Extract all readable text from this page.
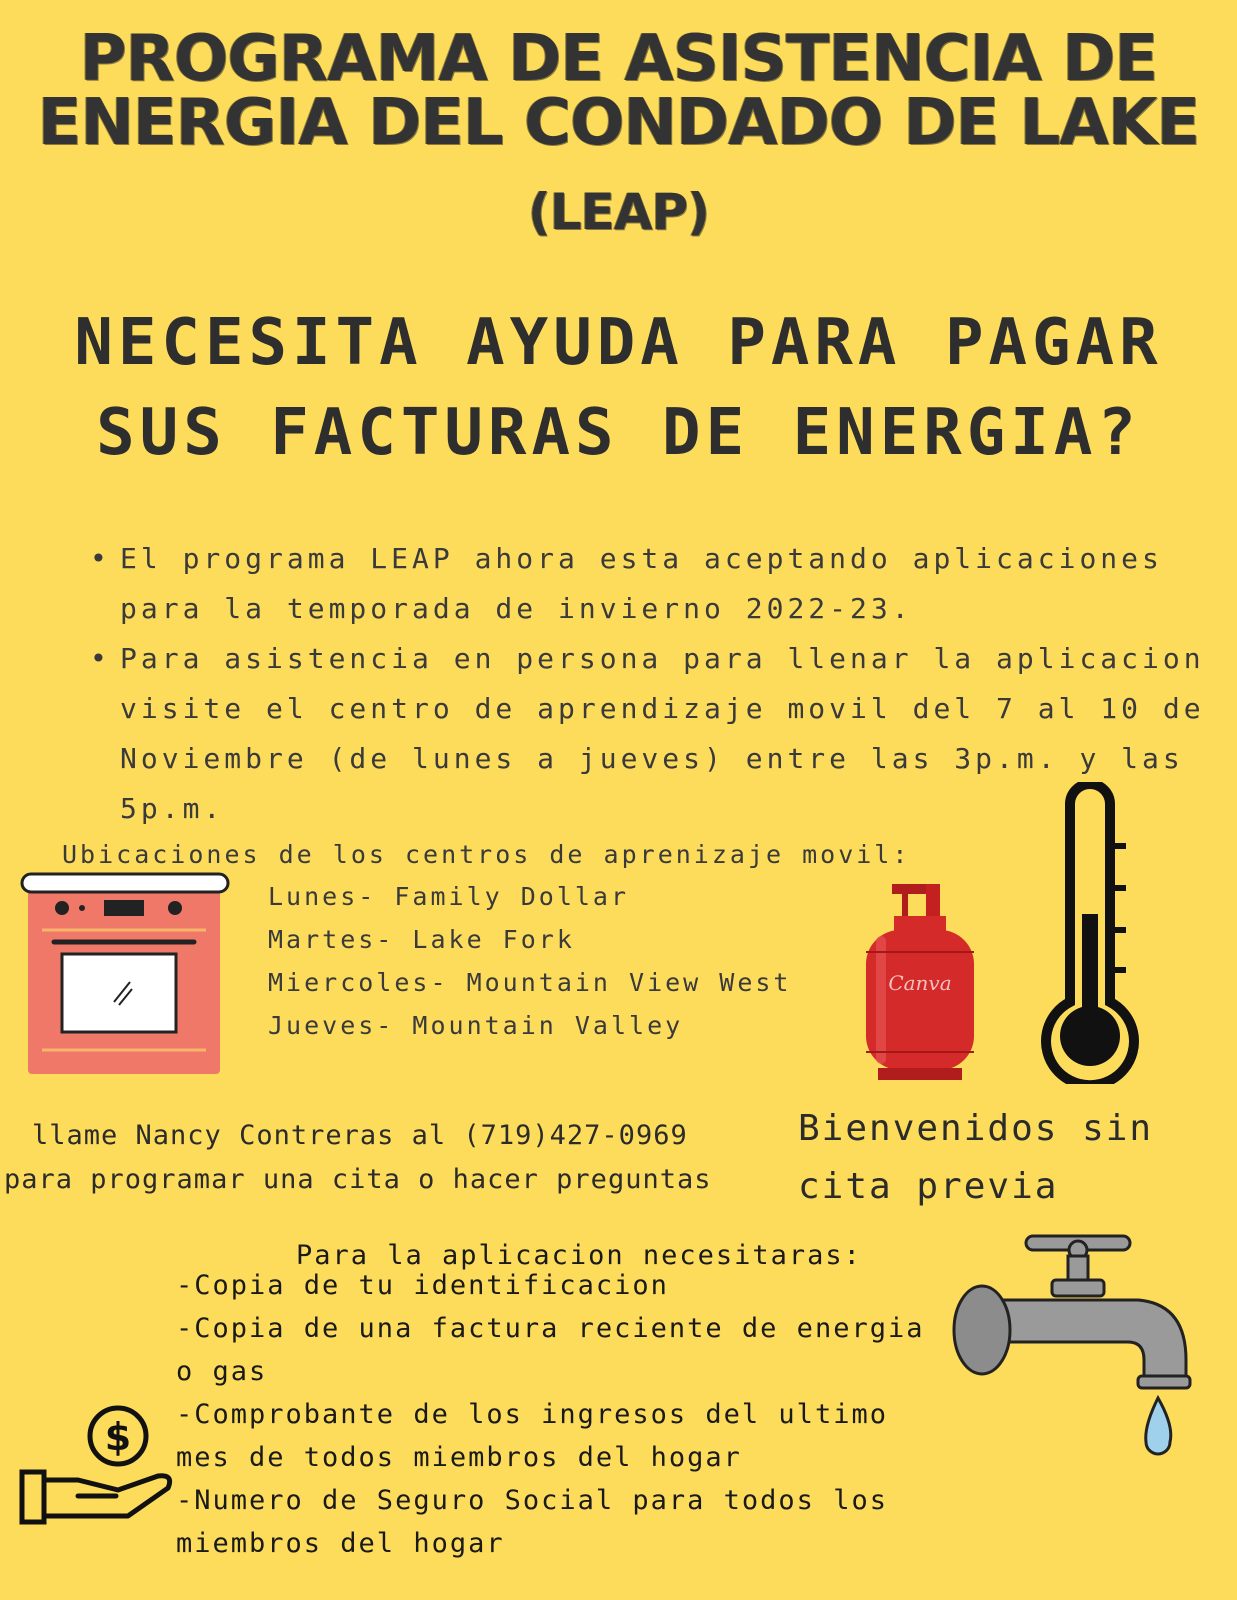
PROGRAMA DE ASISTENCIA DE
ENERGIA DEL CONDADO DE LAKE
(LEAP)
NECESITA AYUDA PARA PAGAR
SUS FACTURAS DE ENERGIA?
• El programa LEAP ahora esta aceptando aplicaciones para la temporada de invierno 2022-23.
• Para asistencia en persona para llenar la aplicacion visite el centro de aprendizaje movil del 7 al 10 de Noviembre (de lunes a jueves) entre las 3p.m. y las 5p.m.
Ubicaciones de los centros de aprenizaje movil:
Lunes- Family Dollar
Martes- Lake Fork
Miercoles- Mountain View West
Jueves- Mountain Valley
Canva
llame Nancy Contreras al (719)427-0969
para programar una cita o hacer preguntas
Bienvenidos sin cita previa
Para la aplicacion necesitaras:
-Copia de tu identificacion
-Copia de una factura reciente de energia o gas
-Comprobante de los ingresos del ultimo mes de todos miembros del hogar
-Numero de Seguro Social para todos los miembros del hogar
$
